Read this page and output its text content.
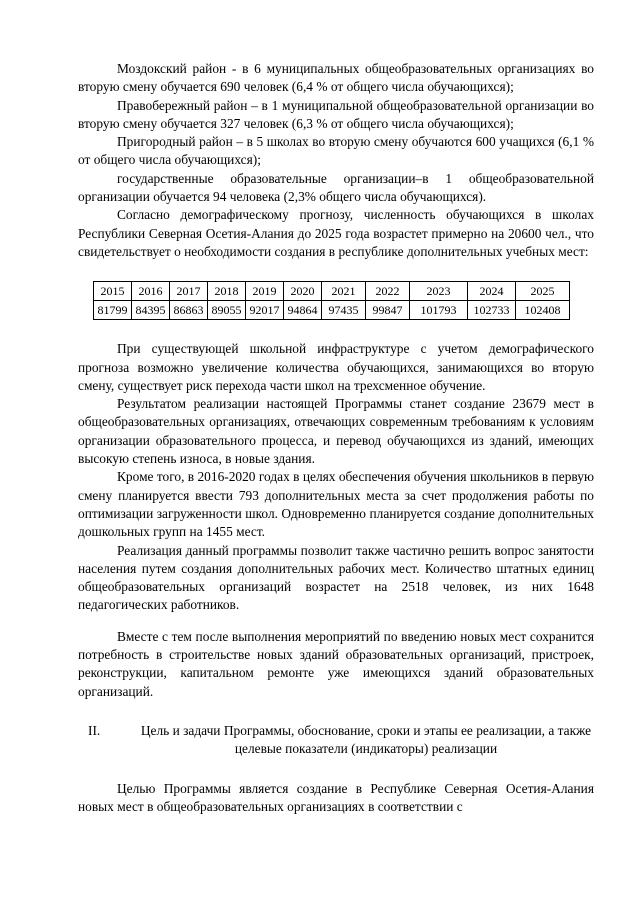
Моздокский район - в 6 муниципальных общеобразовательных организациях во вторую смену обучается 690 человек (6,4 % от общего числа обучающихся);

Правобережный район – в 1 муниципальной общеобразовательной организации во вторую смену обучается 327 человек (6,3 % от общего числа обучающихся);

Пригородный район – в 5 школах во вторую смену обучаются 600 учащихся (6,1 % от общего числа обучающихся);

государственные образовательные организации–в 1 общеобразовательной организации обучается 94 человека (2,3% общего числа обучающихся).

Согласно демографическому прогнозу, численность обучающихся в школах Республики Северная Осетия-Алания до 2025 года возрастет примерно на 20600 чел., что свидетельствует о необходимости создания в республике дополнительных учебных мест:

2015	2016	2017	2018	2019	2020	2021	2022	2023	2024	2025
81799	84395	86863	89055	92017	94864	97435	99847	101793	102733	102408

При существующей школьной инфраструктуре с учетом демографического прогноза возможно увеличение количества обучающихся, занимающихся во вторую смену, существует риск перехода части школ на трехсменное обучение.

Результатом реализации настоящей Программы станет создание 23679 мест в общеобразовательных организациях, отвечающих современным требованиям к условиям организации образовательного процесса, и перевод обучающихся из зданий, имеющих высокую степень износа, в новые здания.

Кроме того, в 2016-2020 годах в целях обеспечения обучения школьников в первую смену планируется ввести 793 дополнительных места за счет продолжения работы по оптимизации загруженности школ. Одновременно планируется создание дополнительных дошкольных групп на 1455 мест.

Реализация данный программы позволит также частично решить вопрос занятости населения путем создания дополнительных рабочих мест. Количество штатных единиц общеобразовательных организаций возрастет на 2518 человек, из них 1648 педагогических работников.

Вместе с тем после выполнения мероприятий по введению новых мест сохранится потребность в строительстве новых зданий образовательных организаций, пристроек, реконструкции, капитальном ремонте уже имеющихся зданий образовательных организаций.

II.	Цель и задачи Программы, обоснование, сроки и этапы ее реализации, а также целевые показатели (индикаторы) реализации

Целью Программы является создание в Республике Северная Осетия-Алания новых мест в общеобразовательных организациях в соответствии с
